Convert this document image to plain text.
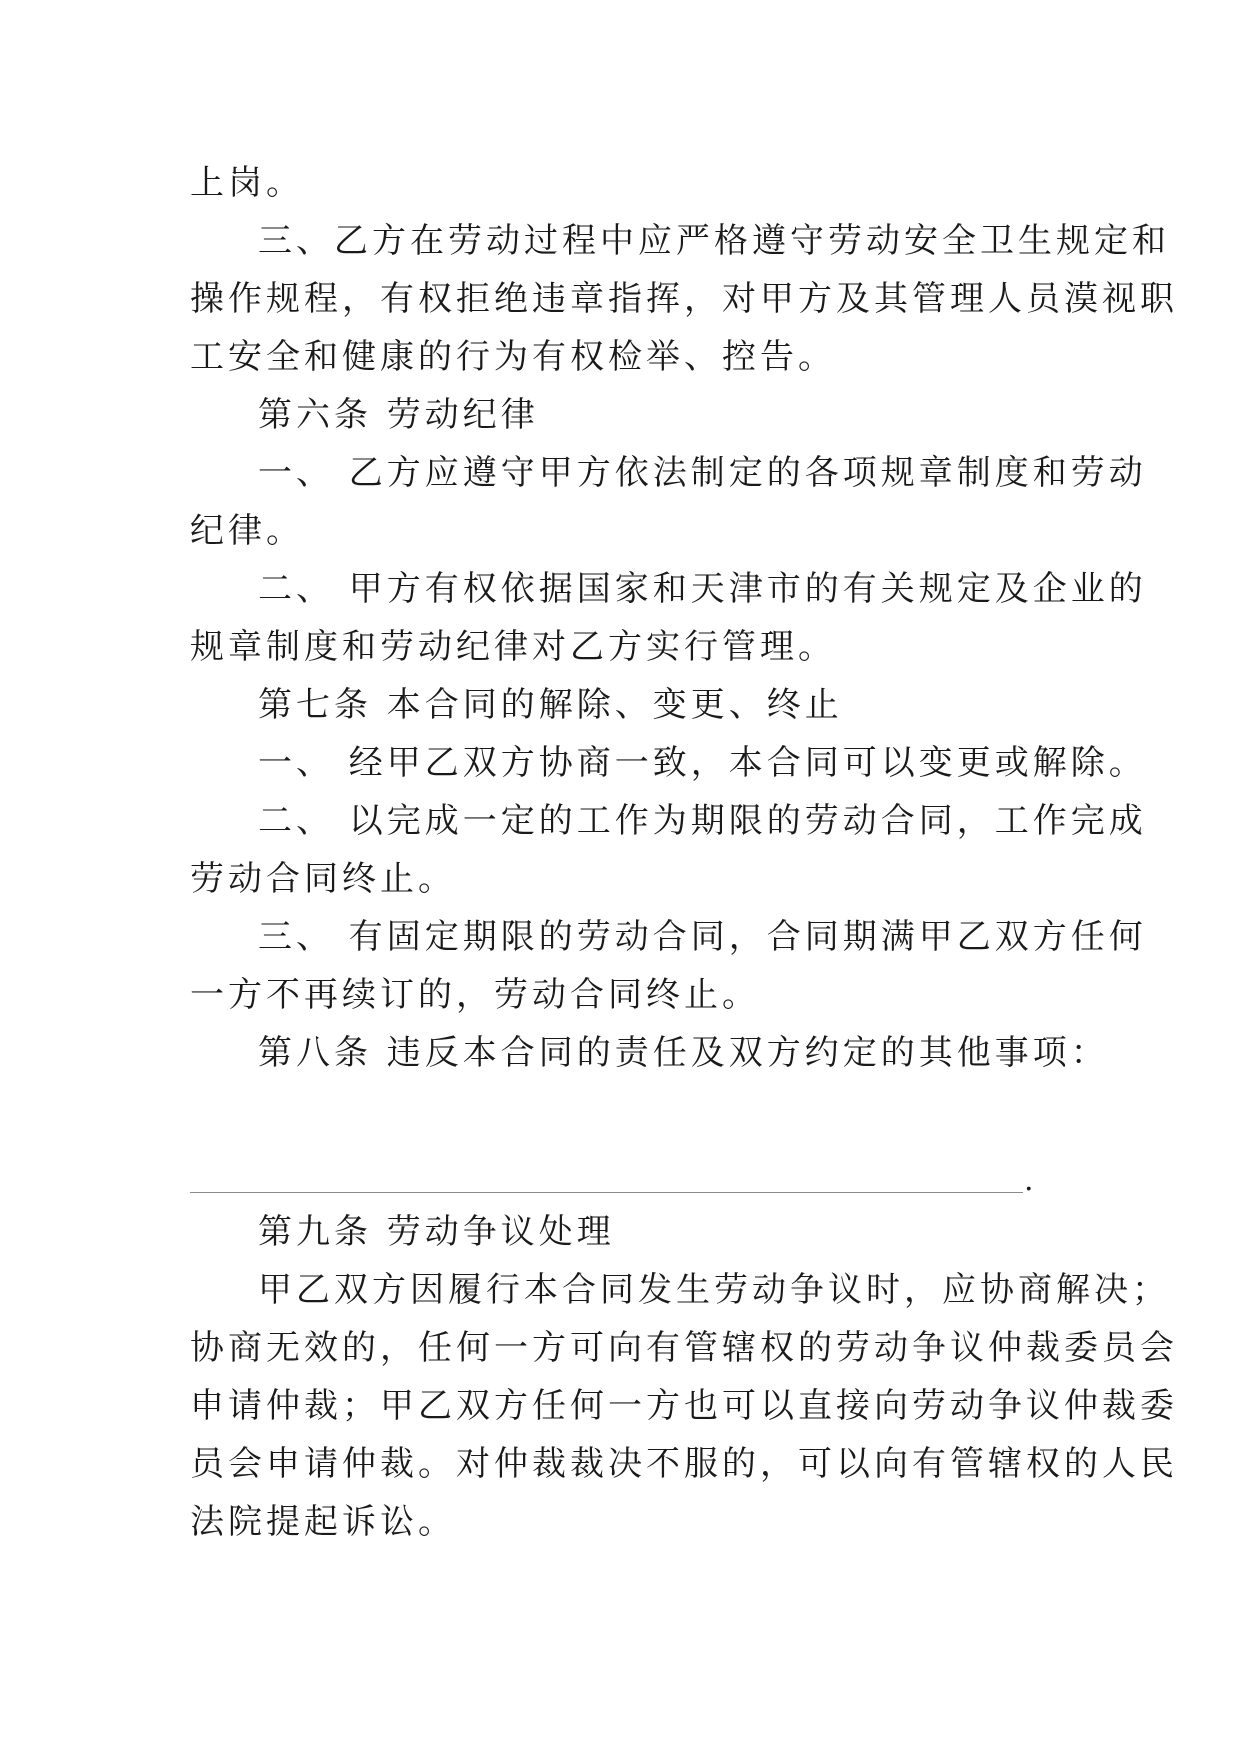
上岗。
三、乙方在劳动过程中应严格遵守劳动安全卫生规定和
操作规程，有权拒绝违章指挥，对甲方及其管理人员漠视职
工安全和健康的行为有权检举、控告。
第六条 劳动纪律
一、 乙方应遵守甲方依法制定的各项规章制度和劳动
纪律。
二、 甲方有权依据国家和天津市的有关规定及企业的
规章制度和劳动纪律对乙方实行管理。
第七条 本合同的解除、变更、终止
一、 经甲乙双方协商一致，本合同可以变更或解除。
二、 以完成一定的工作为期限的劳动合同，工作完成
劳动合同终止。
三、 有固定期限的劳动合同，合同期满甲乙双方任何
一方不再续订的，劳动合同终止。
第八条 违反本合同的责任及双方约定的其他事项：
.
第九条 劳动争议处理
甲乙双方因履行本合同发生劳动争议时，应协商解决；
协商无效的，任何一方可向有管辖权的劳动争议仲裁委员会
申请仲裁；甲乙双方任何一方也可以直接向劳动争议仲裁委
员会申请仲裁。对仲裁裁决不服的，可以向有管辖权的人民
法院提起诉讼。
